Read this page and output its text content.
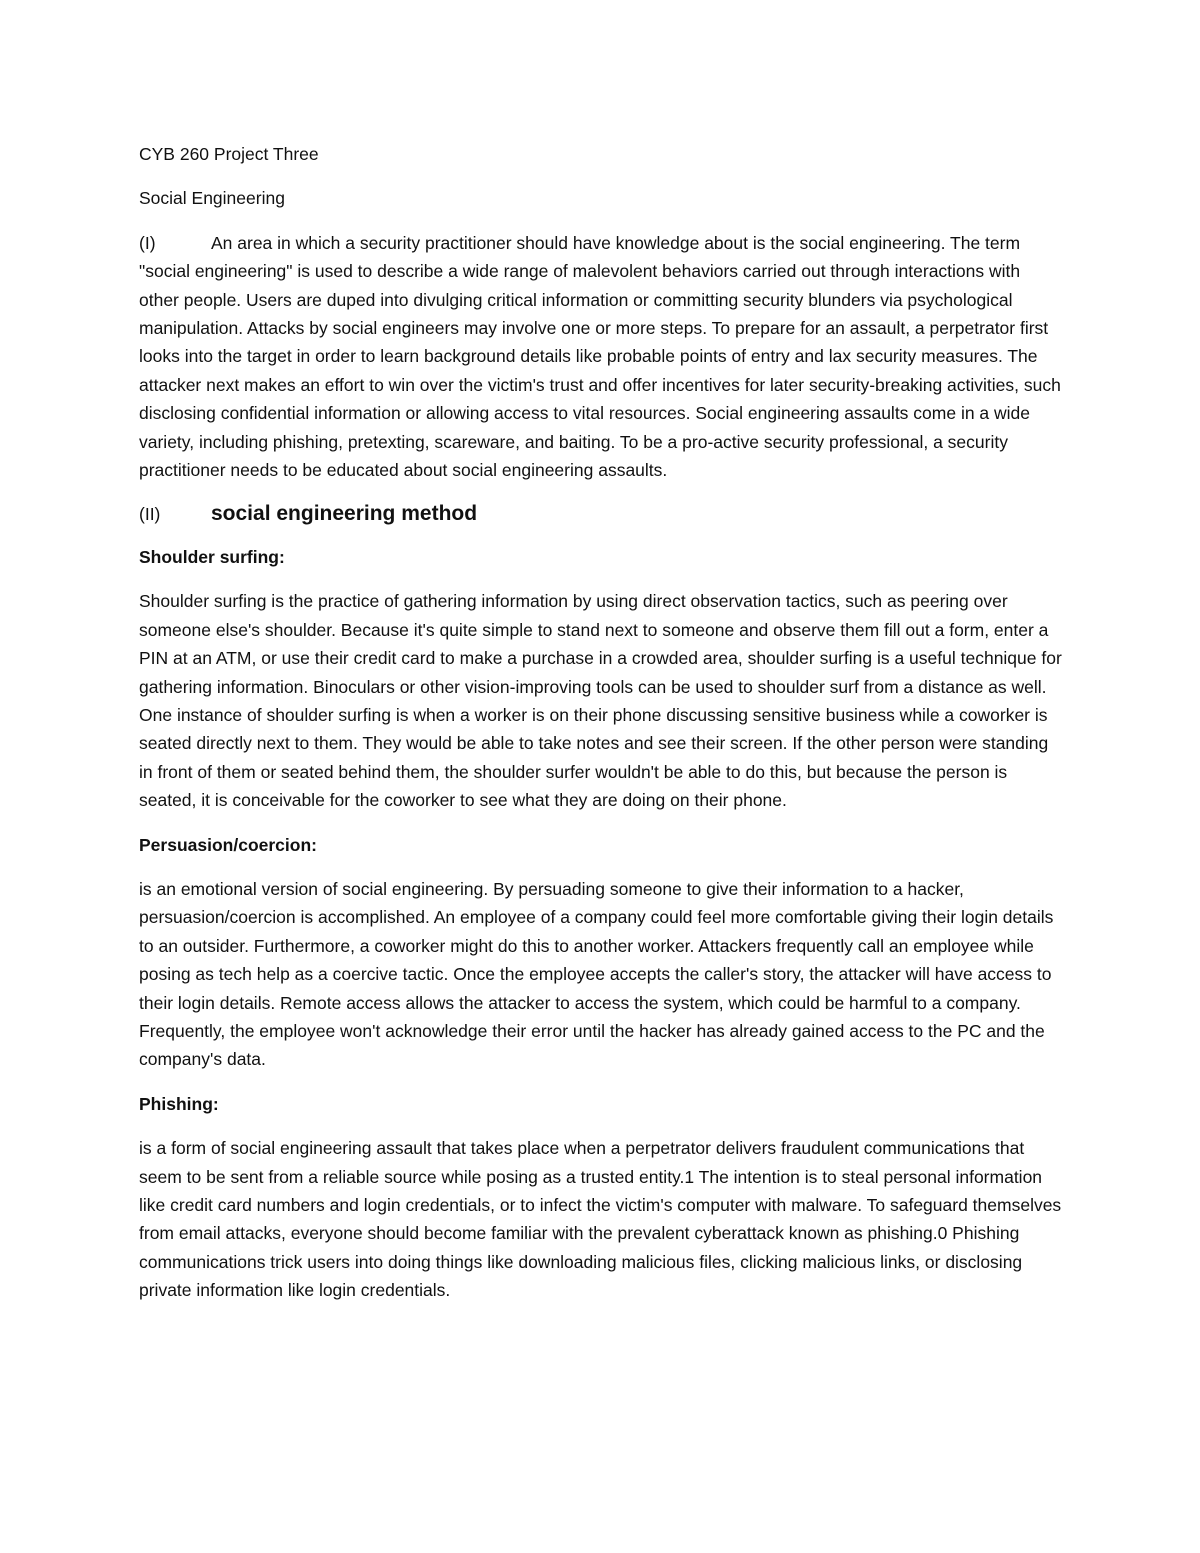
CYB 260 Project Three

Social Engineering

(I)	An area in which a security practitioner should have knowledge about is the social engineering. The term "social engineering" is used to describe a wide range of malevolent behaviors carried out through interactions with other people. Users are duped into divulging critical information or committing security blunders via psychological manipulation. Attacks by social engineers may involve one or more steps. To prepare for an assault, a perpetrator first looks into the target in order to learn background details like probable points of entry and lax security measures. The attacker next makes an effort to win over the victim's trust and offer incentives for later security-breaking activities, such disclosing confidential information or allowing access to vital resources. Social engineering assaults come in a wide variety, including phishing, pretexting, scareware, and baiting. To be a pro-active security professional, a security practitioner needs to be educated about social engineering assaults.

(II)	social engineering method

Shoulder surfing:

Shoulder surfing is the practice of gathering information by using direct observation tactics, such as peering over someone else's shoulder. Because it's quite simple to stand next to someone and observe them fill out a form, enter a PIN at an ATM, or use their credit card to make a purchase in a crowded area, shoulder surfing is a useful technique for gathering information. Binoculars or other vision-improving tools can be used to shoulder surf from a distance as well. One instance of shoulder surfing is when a worker is on their phone discussing sensitive business while a coworker is seated directly next to them. They would be able to take notes and see their screen. If the other person were standing in front of them or seated behind them, the shoulder surfer wouldn't be able to do this, but because the person is seated, it is conceivable for the coworker to see what they are doing on their phone.

Persuasion/coercion:

is an emotional version of social engineering. By persuading someone to give their information to a hacker, persuasion/coercion is accomplished. An employee of a company could feel more comfortable giving their login details to an outsider. Furthermore, a coworker might do this to another worker. Attackers frequently call an employee while posing as tech help as a coercive tactic. Once the employee accepts the caller's story, the attacker will have access to their login details. Remote access allows the attacker to access the system, which could be harmful to a company. Frequently, the employee won't acknowledge their error until the hacker has already gained access to the PC and the company's data.

Phishing:

is a form of social engineering assault that takes place when a perpetrator delivers fraudulent communications that seem to be sent from a reliable source while posing as a trusted entity.1 The intention is to steal personal information like credit card numbers and login credentials, or to infect the victim's computer with malware. To safeguard themselves from email attacks, everyone should become familiar with the prevalent cyberattack known as phishing.0 Phishing communications trick users into doing things like downloading malicious files, clicking malicious links, or disclosing private information like login credentials.
